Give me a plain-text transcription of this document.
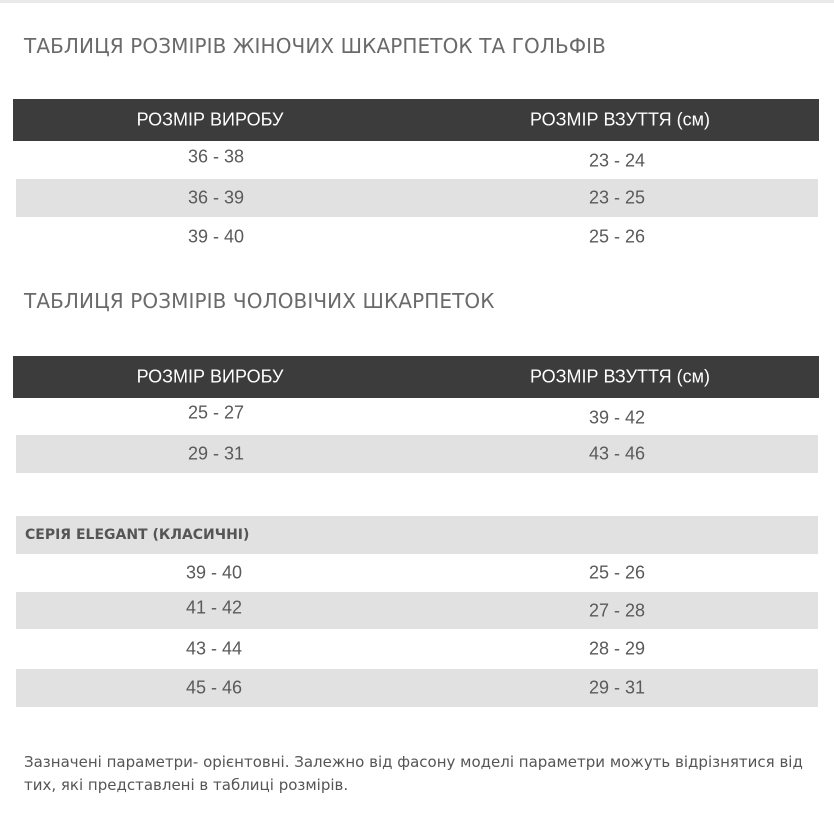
ТАБЛИЦЯ РОЗМІРІВ ЖІНОЧИХ ШКАРПЕТОК ТА ГОЛЬФІВ
РОЗМІР ВИРОБУ	РОЗМІР ВЗУТТЯ (см)
36 - 38	23 - 24
36 - 39	23 - 25
39 - 40	25 - 26
ТАБЛИЦЯ РОЗМІРІВ ЧОЛОВІЧИХ ШКАРПЕТОК
РОЗМІР ВИРОБУ	РОЗМІР ВЗУТТЯ (см)
25 - 27	39 - 42
29 - 31	43 - 46
СЕРІЯ ELEGANT (КЛАСИЧНІ)
39 - 40	25 - 26
41 - 42	27 - 28
43 - 44	28 - 29
45 - 46	29 - 31
Зазначені параметри- орієнтовні. Залежно від фасону моделі параметри можуть відрізнятися від тих, які представлені в таблиці розмірів.
